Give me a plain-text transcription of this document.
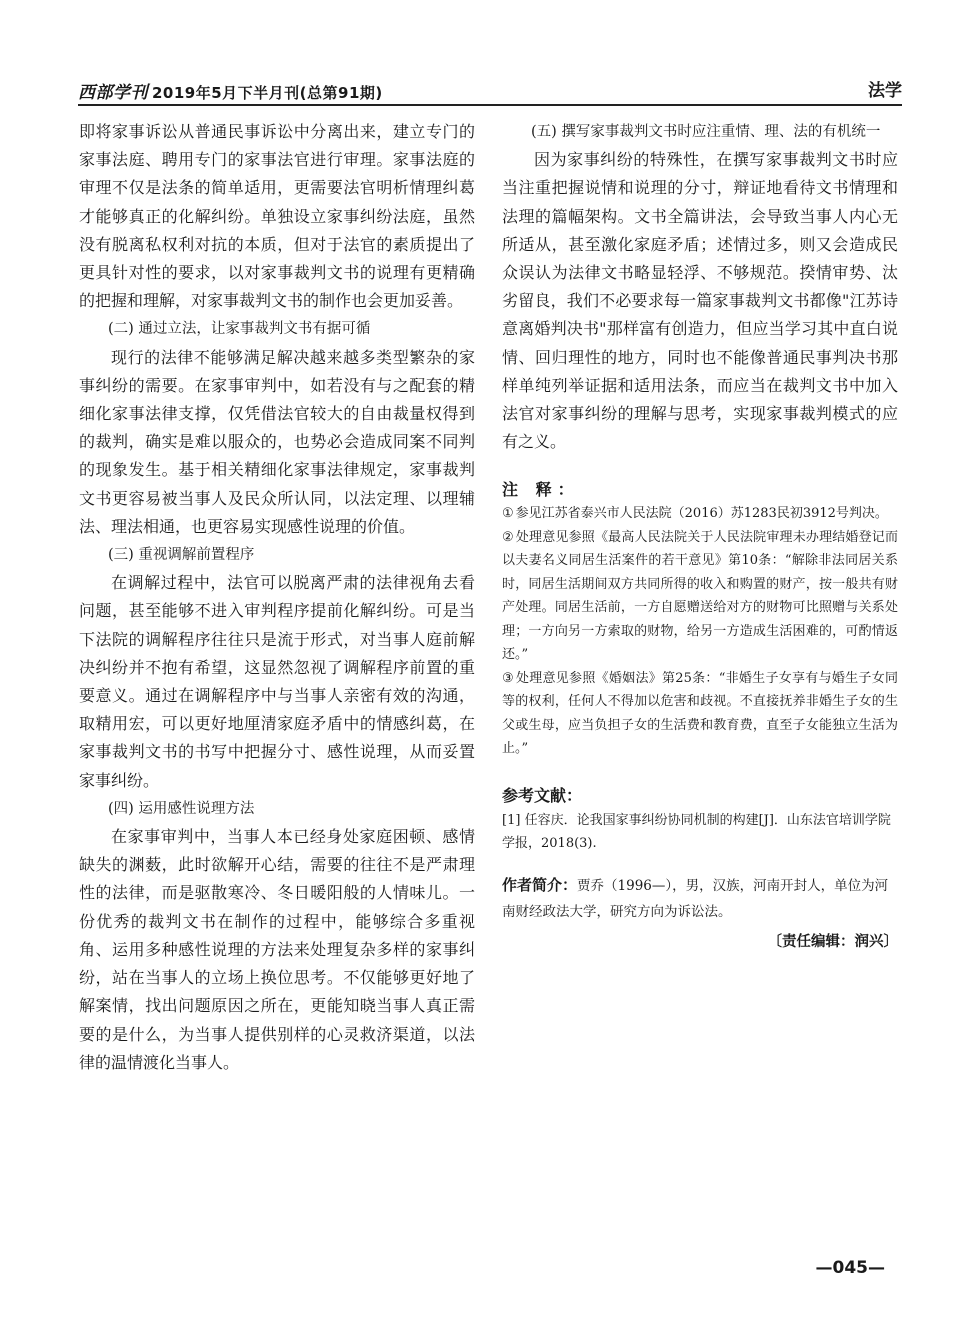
西部学刊 2019年5月下半月刊(总第91期)	法学

即将家事诉讼从普通民事诉讼中分离出来，建立专门的家事法庭、聘用专门的家事法官进行审理。家事法庭的审理不仅是法条的简单适用，更需要法官明析情理纠葛才能够真正的化解纠纷。单独设立家事纠纷法庭，虽然没有脱离私权利对抗的本质，但对于法官的素质提出了更具针对性的要求，以对家事裁判文书的说理有更精确的把握和理解，对家事裁判文书的制作也会更加妥善。

(二) 通过立法，让家事裁判文书有据可循

现行的法律不能够满足解决越来越多类型繁杂的家事纠纷的需要。在家事审判中，如若没有与之配套的精细化家事法律支撑，仅凭借法官较大的自由裁量权得到的裁判，确实是难以服众的，也势必会造成同案不同判的现象发生。基于相关精细化家事法律规定，家事裁判文书更容易被当事人及民众所认同，以法定理、以理辅法、理法相通，也更容易实现感性说理的价值。

(三) 重视调解前置程序

在调解过程中，法官可以脱离严肃的法律视角去看问题，甚至能够不进入审判程序提前化解纠纷。可是当下法院的调解程序往往只是流于形式，对当事人庭前解决纠纷并不抱有希望，这显然忽视了调解程序前置的重要意义。通过在调解程序中与当事人亲密有效的沟通，取精用宏，可以更好地厘清家庭矛盾中的情感纠葛，在家事裁判文书的书写中把握分寸、感性说理，从而妥置家事纠纷。

(四) 运用感性说理方法

在家事审判中，当事人本已经身处家庭困顿、感情缺失的渊薮，此时欲解开心结，需要的往往不是严肃理性的法律，而是驱散寒冷、冬日暖阳般的人情味儿。一份优秀的裁判文书在制作的过程中，能够综合多重视角、运用多种感性说理的方法来处理复杂多样的家事纠纷，站在当事人的立场上换位思考。不仅能够更好地了解案情，找出问题原因之所在，更能知晓当事人真正需要的是什么，为当事人提供别样的心灵救济渠道，以法律的温情渡化当事人。

(五) 撰写家事裁判文书时应注重情、理、法的有机统一

因为家事纠纷的特殊性，在撰写家事裁判文书时应当注重把握说情和说理的分寸，辩证地看待文书情理和法理的篇幅架构。文书全篇讲法，会导致当事人内心无所适从，甚至激化家庭矛盾；述情过多，则又会造成民众误认为法律文书略显轻浮、不够规范。揆情审势、汰劣留良，我们不必要求每一篇家事裁判文书都像"江苏诗意离婚判决书"那样富有创造力，但应当学习其中直白说情、回归理性的地方，同时也不能像普通民事判决书那样单纯列举证据和适用法条，而应当在裁判文书中加入法官对家事纠纷的理解与思考，实现家事裁判模式的应有之义。

注 释：
① 参见江苏省泰兴市人民法院（2016）苏1283民初3912号判决。
② 处理意见参照《最高人民法院关于人民法院审理未办理结婚登记而以夫妻名义同居生活案件的若干意见》第10条：“解除非法同居关系时，同居生活期间双方共同所得的收入和购置的财产，按一般共有财产处理。同居生活前，一方自愿赠送给对方的财物可比照赠与关系处理；一方向另一方索取的财物，给另一方造成生活困难的，可酌情返还。”
③ 处理意见参照《婚姻法》第25条：“非婚生子女享有与婚生子女同等的权利，任何人不得加以危害和歧视。不直接抚养非婚生子女的生父或生母，应当负担子女的生活费和教育费，直至子女能独立生活为止。”
参考文献：
[1] 任容庆．论我国家事纠纷协同机制的构建[J]．山东法官培训学院学报，2018(3).
作者简介：贾乔（1996—），男，汉族，河南开封人，单位为河南财经政法大学，研究方向为诉讼法。
〔责任编辑：润兴〕
—045—
